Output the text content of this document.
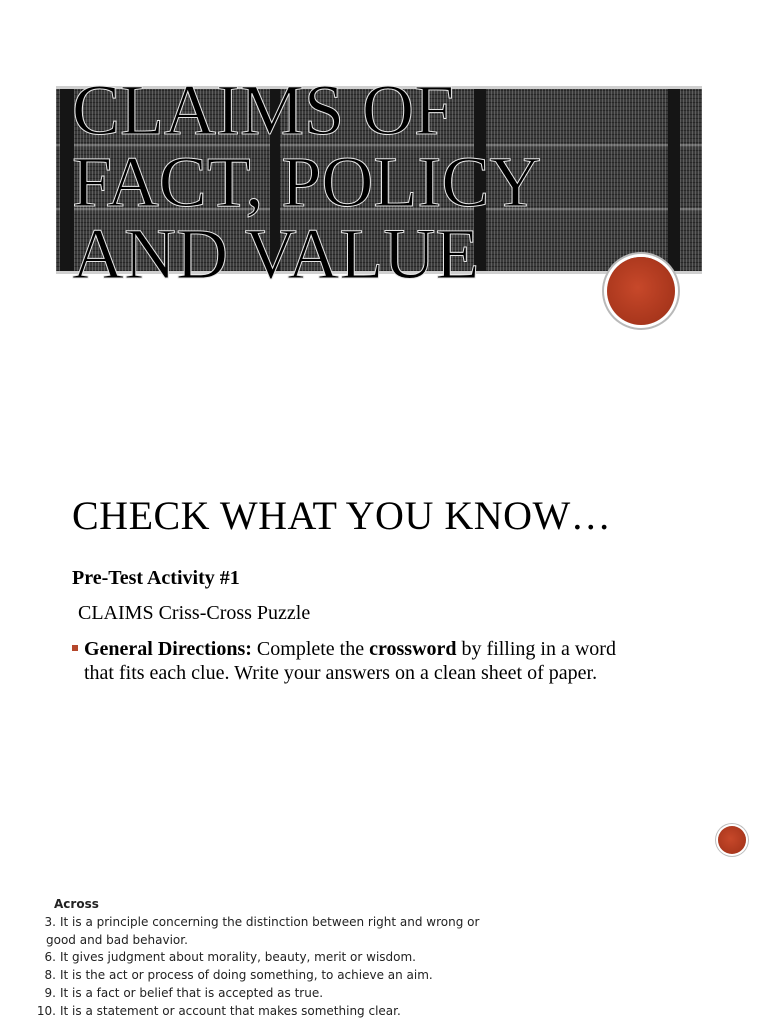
CLAIMS OF FACT, POLICY AND VALUE
CHECK WHAT YOU KNOW…

Pre-Test Activity #1

CLAIMS Criss-Cross Puzzle

General Directions: Complete the crossword by filling in a word
that fits each clue. Write your answers on a clean sheet of paper.

Across

3. It is a principle concerning the distinction between right and wrong or
good and bad behavior.
6. It gives judgment about morality, beauty, merit or wisdom.
8. It is the act or process of doing something, to achieve an aim.
9. It is a fact or belief that is accepted as true.
10. It is a statement or account that makes something clear.
